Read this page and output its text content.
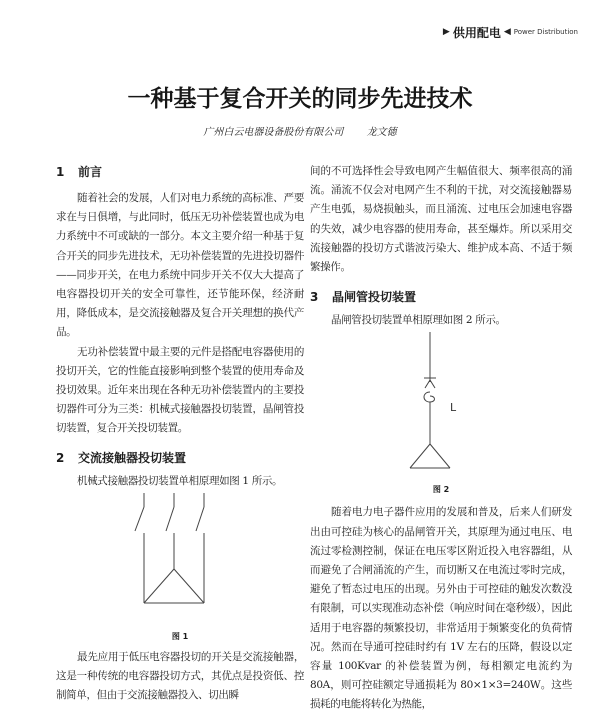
▶ 供用配电 ◀ Power Distribution
一种基于复合开关的同步先进技术
广州白云电器设备股份有限公司 龙文德
1 前言

随着社会的发展，人们对电力系统的高标准、严要求在与日俱增，与此同时，低压无功补偿装置也成为电力系统中不可或缺的一部分。本文主要介绍一种基于复合开关的同步先进技术，无功补偿装置的先进投切器件——同步开关，在电力系统中同步开关不仅大大提高了电容器投切开关的安全可靠性，还节能环保，经济耐用，降低成本，是交流接触器及复合开关理想的换代产品。

无功补偿装置中最主要的元件是搭配电容器使用的投切开关，它的性能直接影响到整个装置的使用寿命及投切效果。近年来出现在各种无功补偿装置内的主要投切器件可分为三类：机械式接触器投切装置，晶闸管投切装置，复合开关投切装置。

2 交流接触器投切装置

机械式接触器投切装置单相原理如图 1 所示。

图 1

最先应用于低压电容器投切的开关是交流接触器，这是一种传统的电容器投切方式，其优点是投资低、控制简单，但由于交流接触器投入、切出瞬

间的不可选择性会导致电网产生幅值很大、频率很高的涌流。涌流不仅会对电网产生不利的干扰，对交流接触器易产生电弧，易烧损触头，而且涌流、过电压会加速电容器的失效，减少电容器的使用寿命，甚至爆炸。所以采用交流接触器的投切方式谐波污染大、维护成本高、不适于频繁操作。

3 晶闸管投切装置

晶闸管投切装置单相原理如图 2 所示。

L
图 2

随着电力电子器件应用的发展和普及，后来人们研发出由可控硅为核心的晶闸管开关，其原理为通过电压、电流过零检测控制，保证在电压零区附近投入电容器组，从而避免了合闸涌流的产生，而切断又在电流过零时完成，避免了暂态过电压的出现。另外由于可控硅的触发次数没有限制，可以实现准动态补偿（响应时间在毫秒级），因此适用于电容器的频繁投切，非常适用于频繁变化的负荷情况。然而在导通可控硅时约有 1V 左右的压降，假设以定容量 100Kvar 的补偿装置为例，每相额定电流约为 80A，则可控硅额定导通损耗为 80×1×3=240W。这些损耗的电能将转化为热能，
